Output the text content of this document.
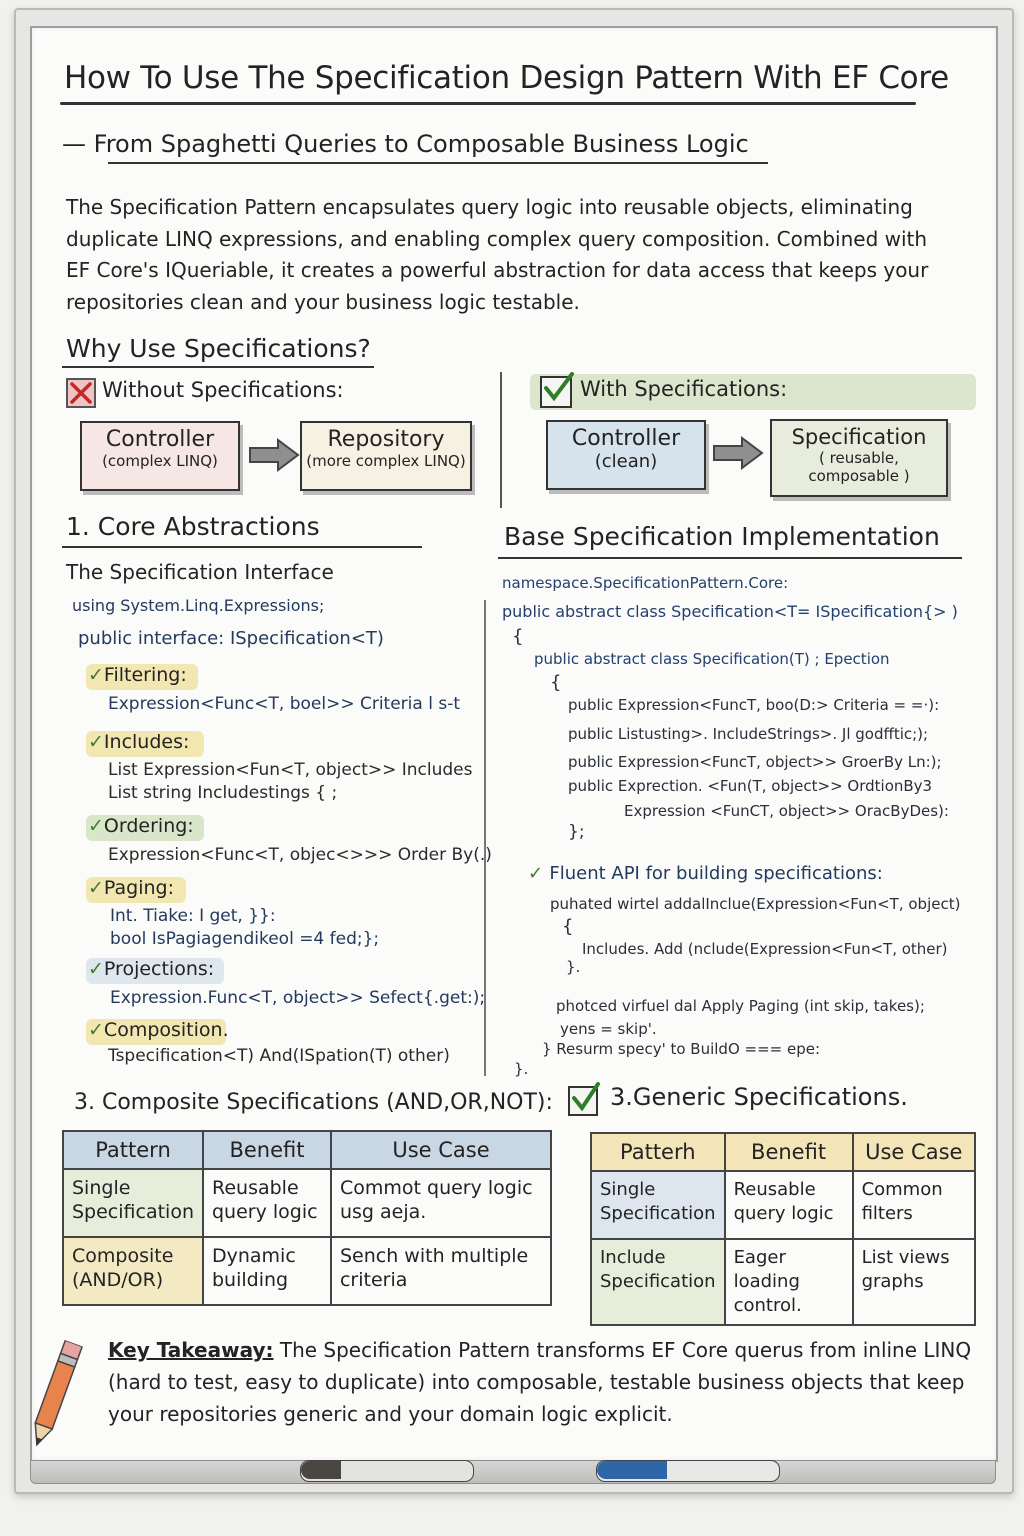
How To Use The Specification Design Pattern With EF Core
— From Spaghetti Queries to Composable Business Logic
The Specification Pattern encapsulates query logic into reusable objects, eliminating duplicate LINQ expressions, and enabling complex query composition. Combined with EF Core's IQueriable, it creates a powerful abstraction for data access that keeps your repositories clean and your business logic testable.
Why Use Specifications?
Without Specifications:
Controller
(complex LINQ)
Repository
(more complex LINQ)
With Specifications:
Controller
(clean)
Specification
( reusable,
composable )
1. Core Abstractions
The Specification Interface
using System.Linq.Expressions;
public interface: ISpecification<T)
✓Filtering:
Expression<Func<T, boel>> Criteria l s-t
✓Includes:
List Expression<Fun<T, object>> Includes
List string Includestings { ;
✓Ordering:
Expression<Func<T, objec<>>> Order By(.)
✓Paging:
Int. Tiake: I get, }}:
bool IsPagiagendikeol =4 fed;};
✓Projections:
Expression.Func<T, object>> Sefect{.get:);
✓Composition.
Tspecification<T) And(ISpation(T) other)
Base Specification Implementation
namespace.SpecificationPattern.Core:
public abstract class Specification<T= ISpecification{> )
{
public abstract class Specification(T) ; Epection
{
public Expression<FuncT, boo(D:> Criteria = =·):
public Listusting>. IncludeStrings>. Jl godfftic;);
public Expression<FuncT, object>> GroerBy Ln:);
public Exprection. <Fun(T, object>> OrdtionBy3
Expression <FunCT, object>> OracByDes):
};
✓ Fluent API for building specifications:
puhated wirtel addalInclue(Expression<Fun<T, object)
{
Includes. Add (nclude(Expression<Fun<T, other)
}.
photced virfuel dal Apply Paging (int skip, takes);
yens = skip'.
} Resurm specy' to BuildO === epe:
}.
3. Composite Specifications (AND,OR,NOT):
Pattern	Benefit	Use Case
Single Specification	Reusable query logic	Commot query logic usg aeja.
Composite (AND/OR)	Dynamic building	Sench with multiple criteria
3.Generic Specifications.
Patterh	Benefit	Use Case
Single Specification	Reusable query logic	Common filters
Include Specification	Eager loading control.	List views graphs
Key Takeaway: The Specification Pattern transforms EF Core querus from inline LINQ (hard to test, easy to duplicate) into composable, testable business objects that keep your repositories generic and your domain logic explicit.
